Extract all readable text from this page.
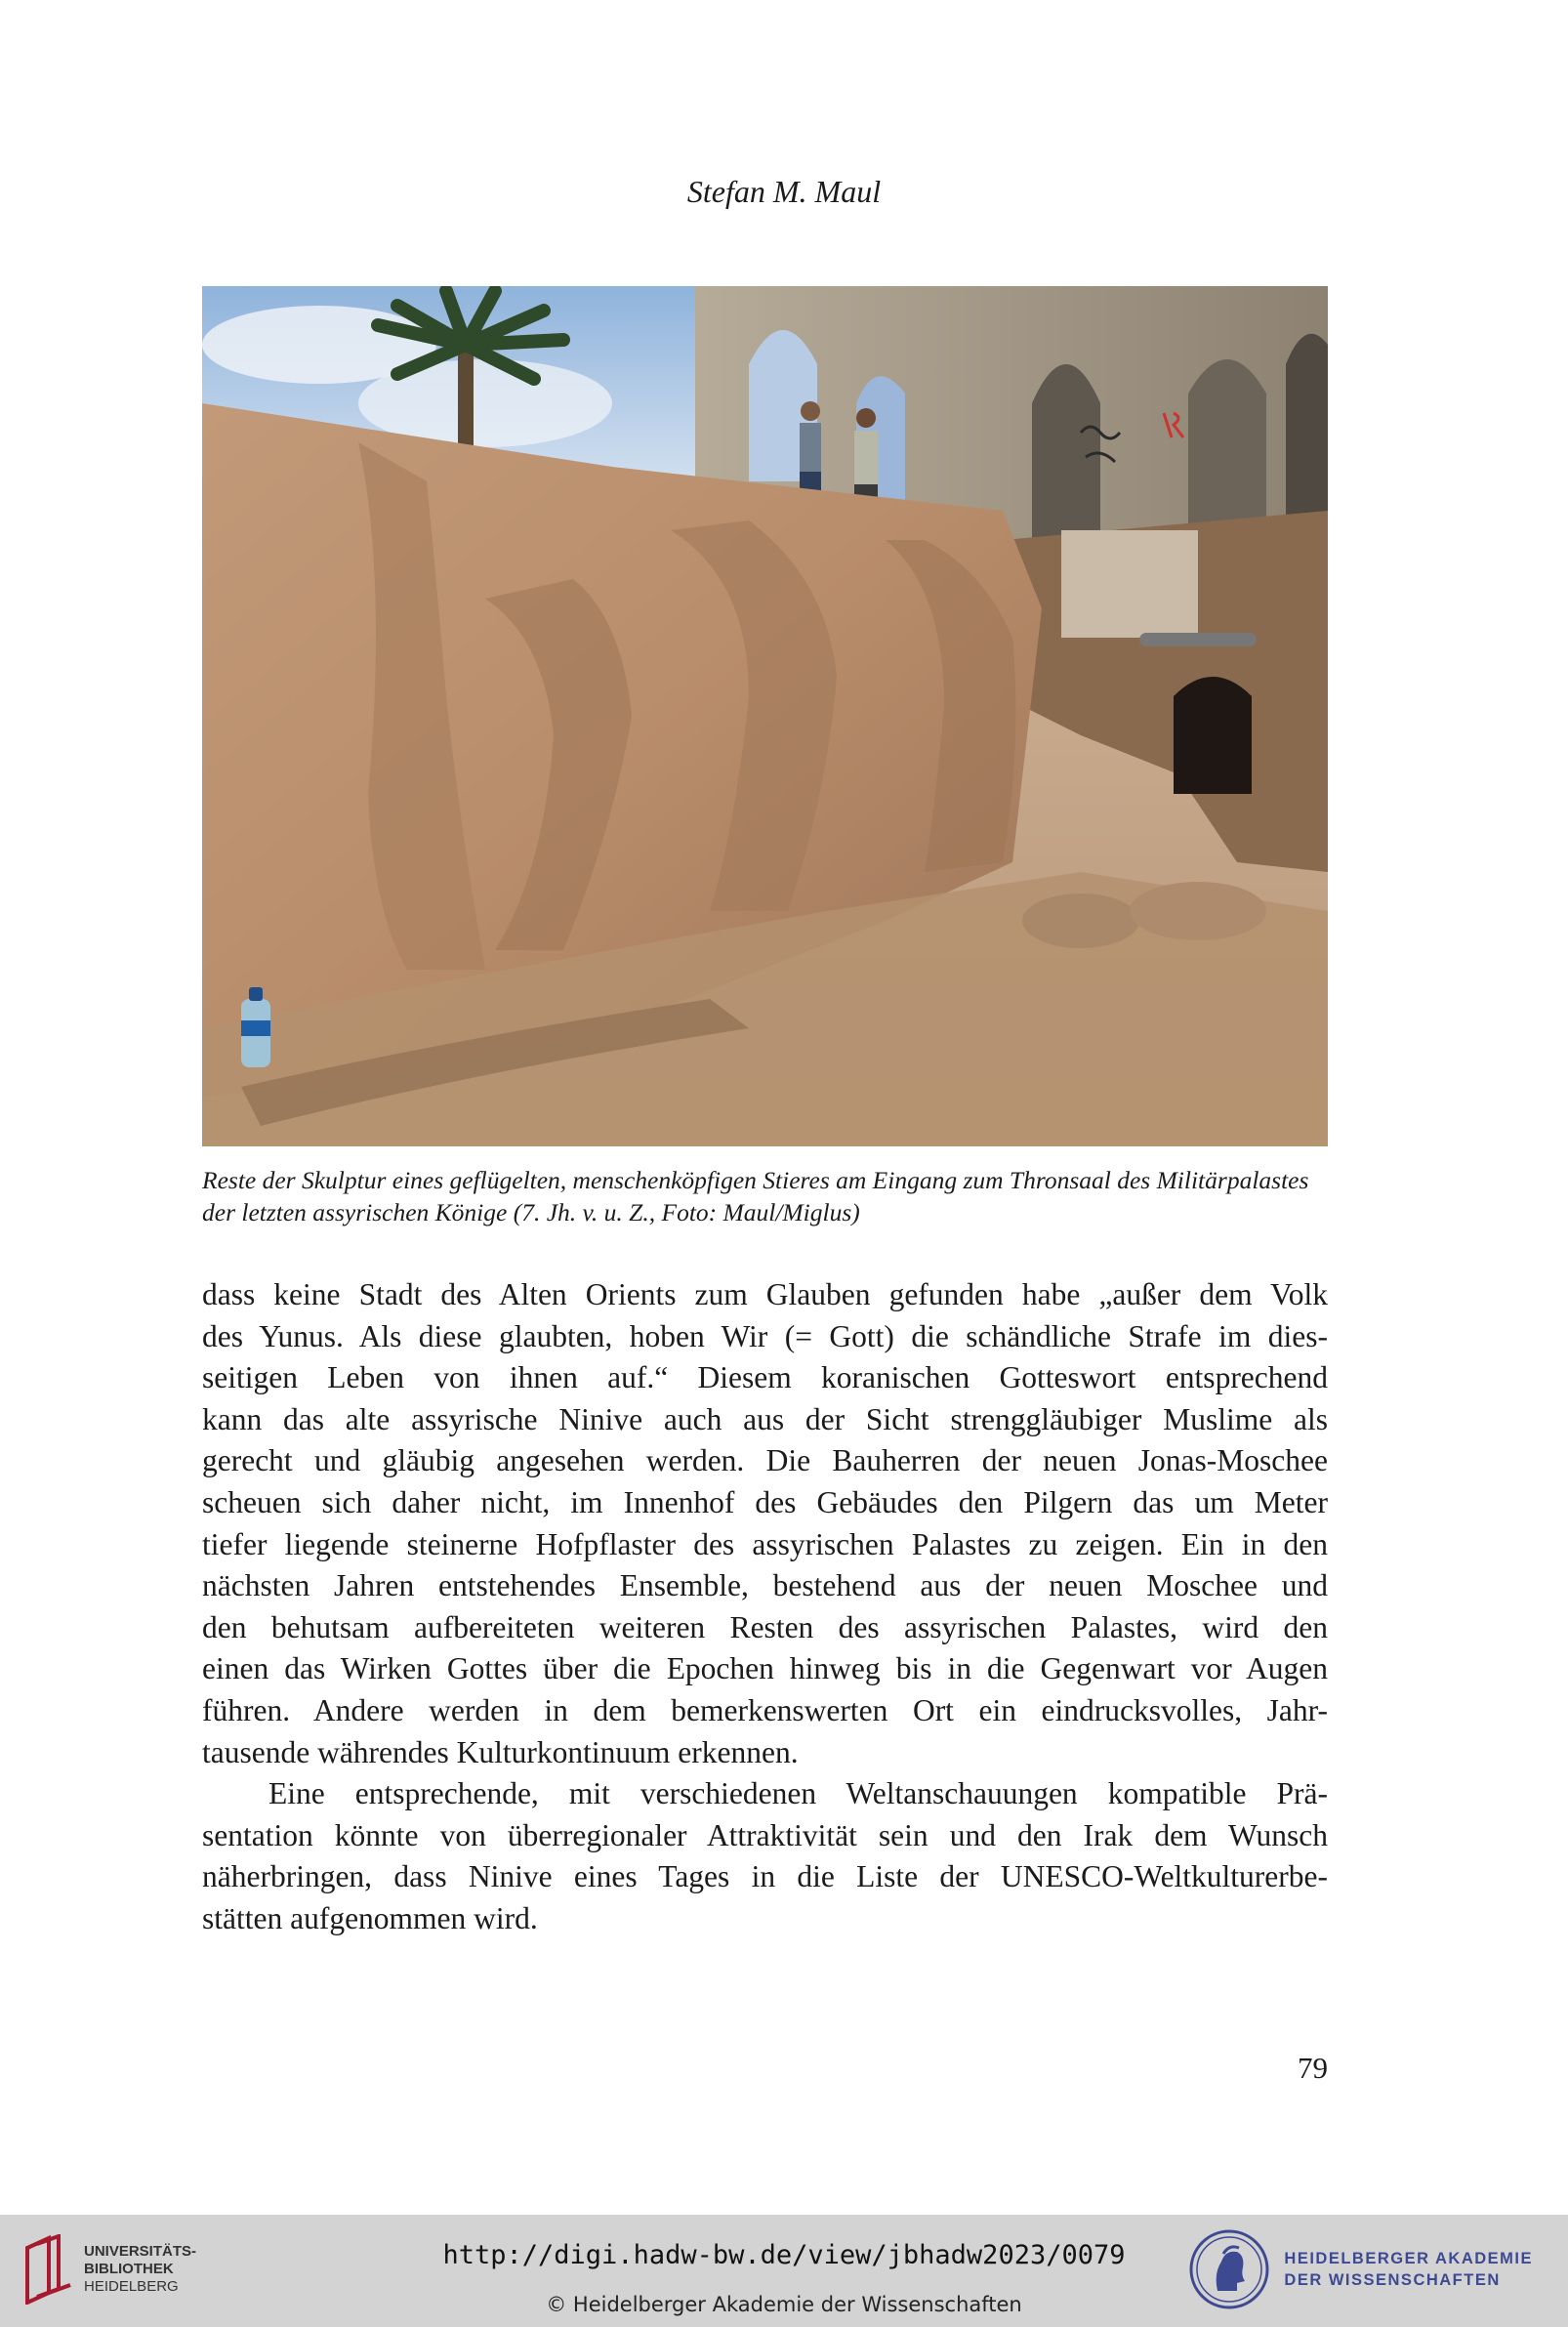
Stefan M. Maul
Reste der Skulptur eines geflügelten, menschenköpfigen Stieres am Eingang zum Thronsaal des Militärpalastes
der letzten assyrischen Könige (7. Jh. v. u. Z., Foto: Maul/Miglus)
dass keine Stadt des Alten Orients zum Glauben gefunden habe „außer dem Volk
des Yunus. Als diese glaubten, hoben Wir (= Gott) die schändliche Strafe im dies-
seitigen Leben von ihnen auf.“ Diesem koranischen Gotteswort entsprechend
kann das alte assyrische Ninive auch aus der Sicht strenggläubiger Muslime als
gerecht und gläubig angesehen werden. Die Bauherren der neuen Jonas-Moschee
scheuen sich daher nicht, im Innenhof des Gebäudes den Pilgern das um Meter
tiefer liegende steinerne Hofpflaster des assyrischen Palastes zu zeigen. Ein in den
nächsten Jahren entstehendes Ensemble, bestehend aus der neuen Moschee und
den behutsam aufbereiteten weiteren Resten des assyrischen Palastes, wird den
einen das Wirken Gottes über die Epochen hinweg bis in die Gegenwart vor Augen
führen. Andere werden in dem bemerkenswerten Ort ein eindrucksvolles, Jahr-
tausende währendes Kulturkontinuum erkennen.
Eine entsprechende, mit verschiedenen Weltanschauungen kompatible Prä-
sentation könnte von überregionaler Attraktivität sein und den Irak dem Wunsch
näherbringen, dass Ninive eines Tages in die Liste der UNESCO-Weltkulturerbe-
stätten aufgenommen wird.
79
UNIVERSITÄTS-
BIBLIOTHEK
HEIDELBERG
http://digi.hadw-bw.de/view/jbhadw2023/0079
© Heidelberger Akademie der Wissenschaften
HEIDELBERGER AKADEMIE
DER WISSENSCHAFTEN
